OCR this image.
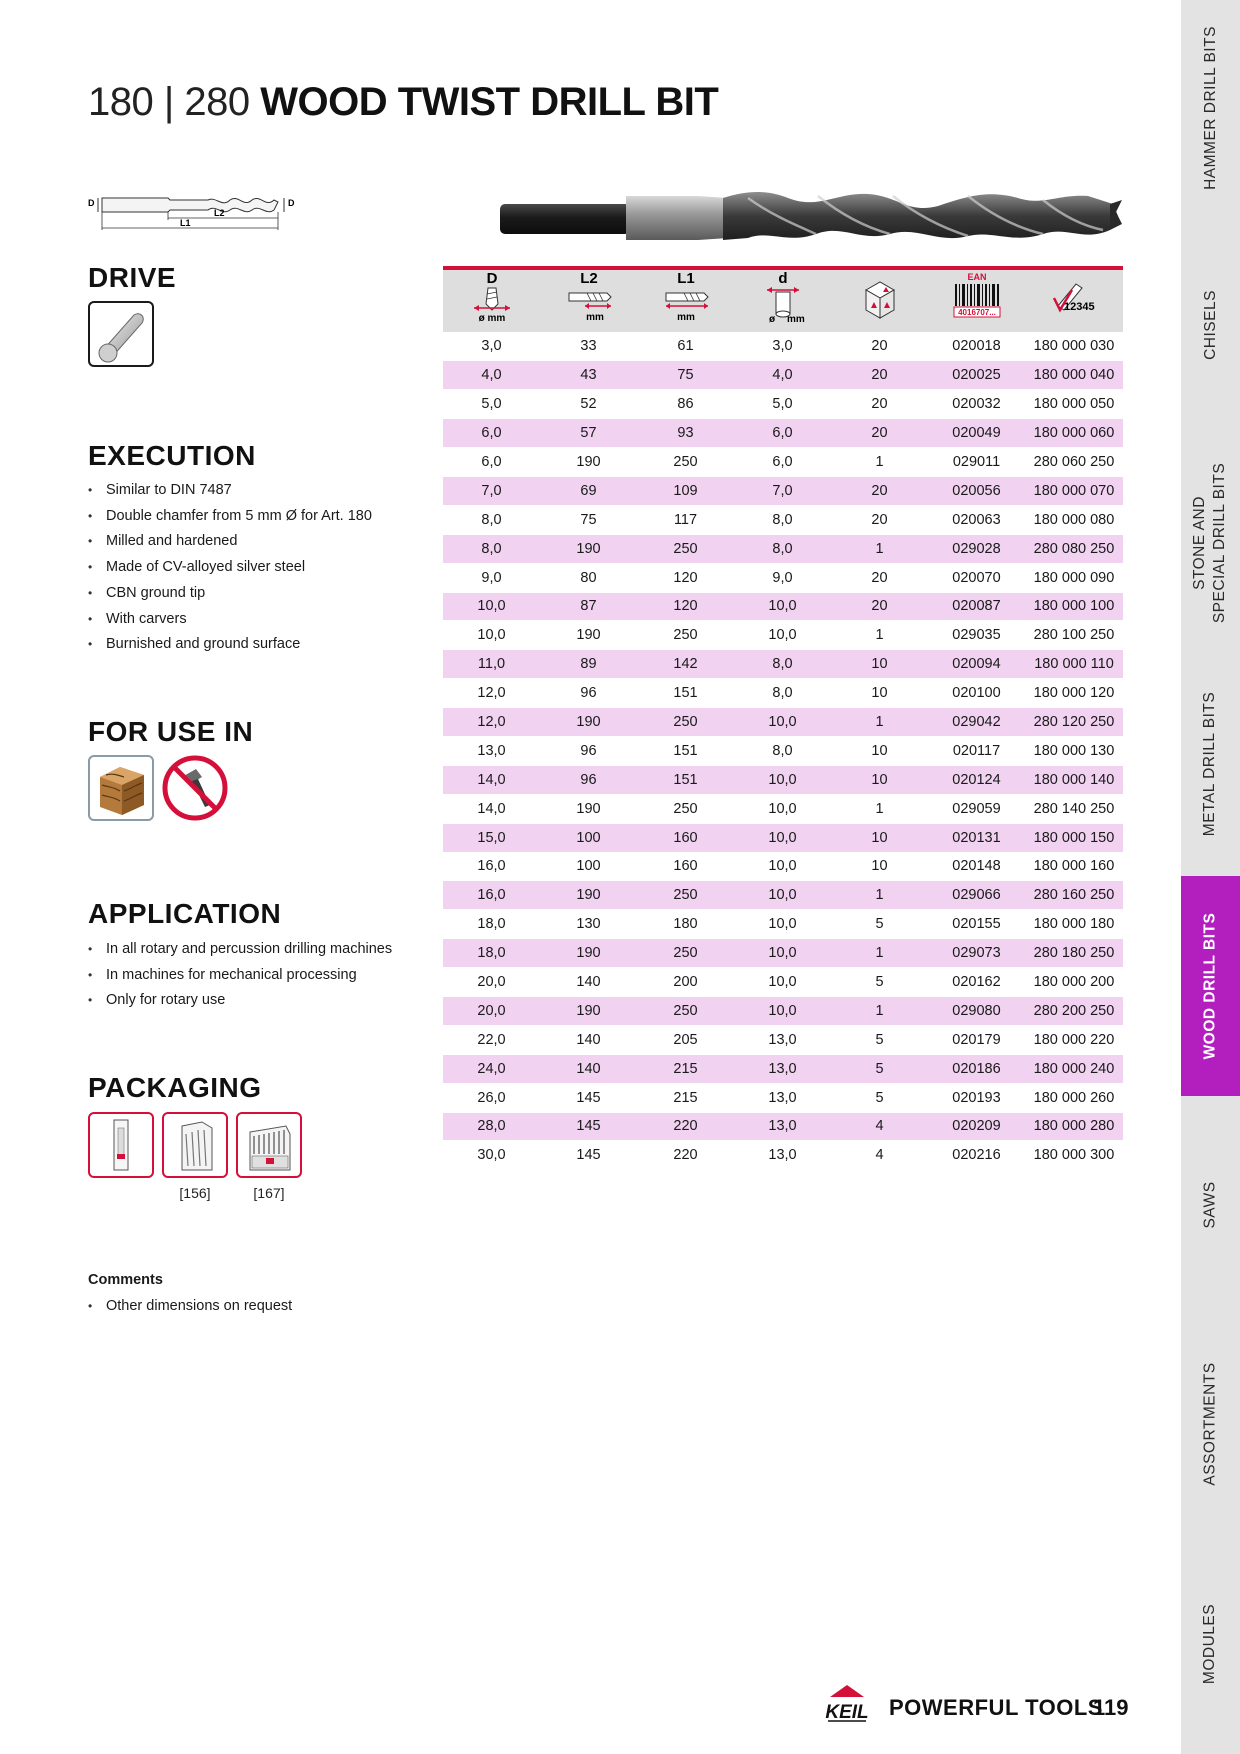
180 | 280 WOOD TWIST DRILL BIT
D	D
L2
L1
DRIVE
EXECUTION
• Similar to DIN 7487
• Double chamfer from 5 mm Ø for Art. 180
• Milled and hardened
• Made of CV-alloyed silver steel
• CBN ground tip
• With carvers
• Burnished and ground surface
FOR USE IN
APPLICATION
• In all rotary and percussion drilling machines
• In machines for mechanical processing
• Only for rotary use
PACKAGING
[156]	[167]
Comments
• Other dimensions on request
D
ø mm	L2
mm	L1
mm	d
ø mm		EAN
4016707...	12345

3,0	33	61	3,0	20	020018	180 000 030
4,0	43	75	4,0	20	020025	180 000 040
5,0	52	86	5,0	20	020032	180 000 050
6,0	57	93	6,0	20	020049	180 000 060
6,0	190	250	6,0	1	029011	280 060 250
7,0	69	109	7,0	20	020056	180 000 070
8,0	75	117	8,0	20	020063	180 000 080
8,0	190	250	8,0	1	029028	280 080 250
9,0	80	120	9,0	20	020070	180 000 090
10,0	87	120	10,0	20	020087	180 000 100
10,0	190	250	10,0	1	029035	280 100 250
11,0	89	142	8,0	10	020094	180 000 110
12,0	96	151	8,0	10	020100	180 000 120
12,0	190	250	10,0	1	029042	280 120 250
13,0	96	151	8,0	10	020117	180 000 130
14,0	96	151	10,0	10	020124	180 000 140
14,0	190	250	10,0	1	029059	280 140 250
15,0	100	160	10,0	10	020131	180 000 150
16,0	100	160	10,0	10	020148	180 000 160
16,0	190	250	10,0	1	029066	280 160 250
18,0	130	180	10,0	5	020155	180 000 180
18,0	190	250	10,0	1	029073	280 180 250
20,0	140	200	10,0	5	020162	180 000 200
20,0	190	250	10,0	1	029080	280 200 250
22,0	140	205	13,0	5	020179	180 000 220
24,0	140	215	13,0	5	020186	180 000 240
26,0	145	215	13,0	5	020193	180 000 260
28,0	145	220	13,0	4	020209	180 000 280
30,0	145	220	13,0	4	020216	180 000 300
HAMMER DRILL BITS
CHISELS
STONE AND SPECIAL DRILL BITS
METAL DRILL BITS
WOOD DRILL BITS
SAWS
ASSORTMENTS
MODULES
KEIL POWERFUL TOOLS
119
